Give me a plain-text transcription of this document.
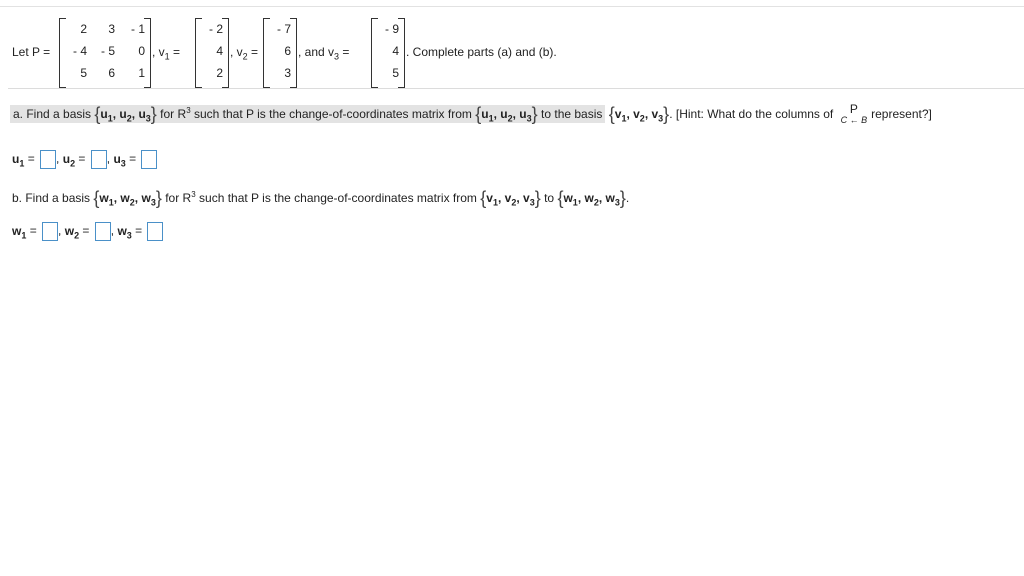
Let P =
2	3	- 1
- 4	- 5	0
5	6	1
, $v_1$ =
- 2
4
2
, $v_2$ =
- 7
6
3
, and $v_3$ =
- 9
4
5
. Complete parts (a) and (b).
a. Find a basis {$u_1$, $u_2$, $u_3$} for $R^3$ such that P is the change-of-coordinates matrix from {$u_1$, $u_2$, $u_3$} to the basis {$v_1$, $v_2$, $v_3$}. [Hint: What do the columns of P
C ← B represent?]
$u_1$ = , $u_2$ = , $u_3$ =
b. Find a basis {$w_1$, $w_2$, $w_3$} for $R^3$ such that P is the change-of-coordinates matrix from {$v_1$, $v_2$, $v_3$} to {$w_1$, $w_2$, $w_3$}.
$w_1$ = , $w_2$ = , $w_3$ =
